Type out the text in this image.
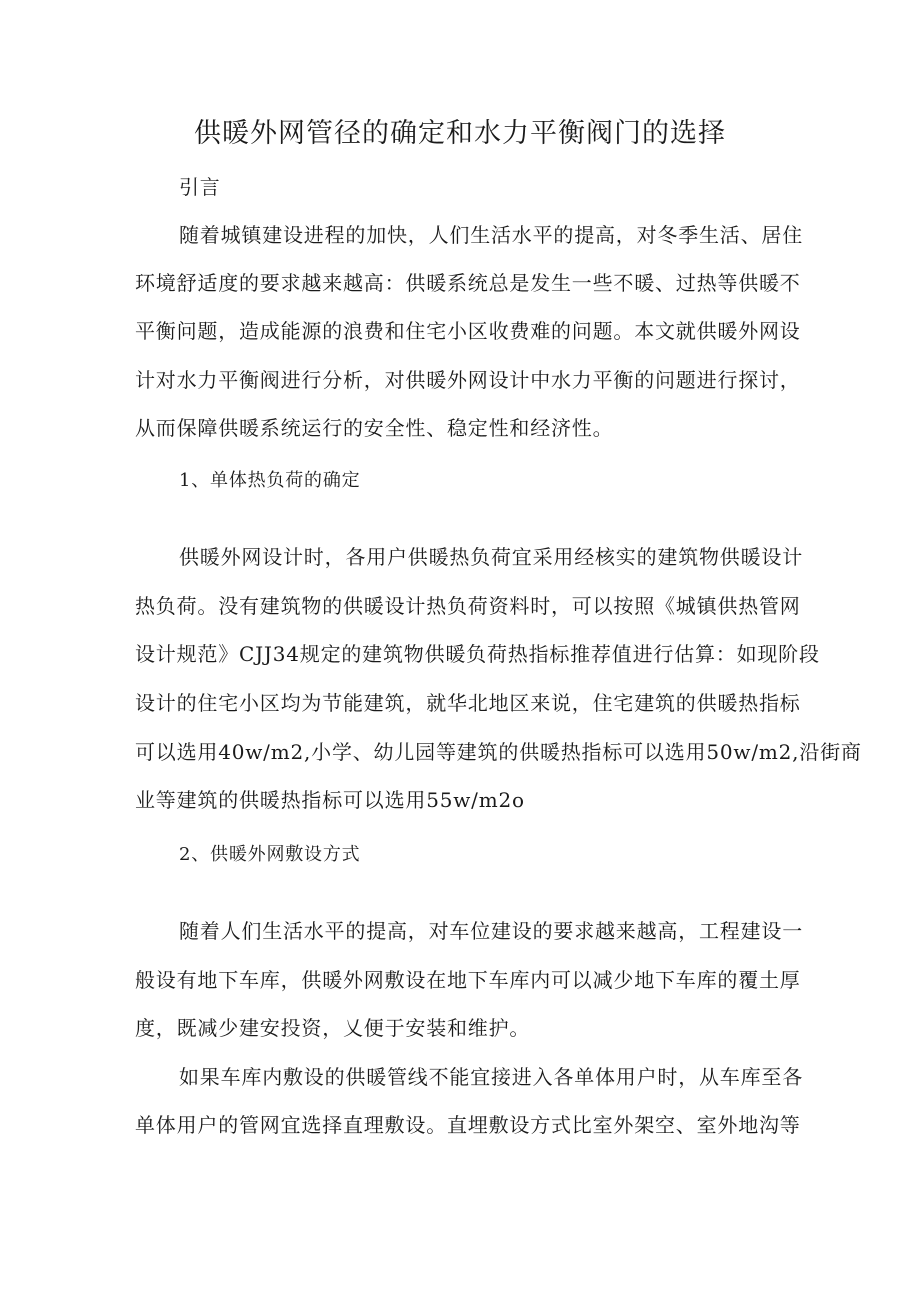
供暖外网管径的确定和水力平衡阀门的选择
引言
随着城镇建设进程的加快，人们生活水平的提高，对冬季生活、居住
环境舒适度的要求越来越高：供暖系统总是发生一些不暖、过热等供暖不
平衡问题，造成能源的浪费和住宅小区收费难的问题。本文就供暖外网设
计对水力平衡阀进行分析，对供暖外网设计中水力平衡的问题进行探讨，
从而保障供暖系统运行的安全性、稳定性和经济性。
1、单体热负荷的确定
供暖外网设计时，各用户供暖热负荷宜采用经核实的建筑物供暖设计
热负荷。没有建筑物的供暖设计热负荷资料时，可以按照《城镇供热管网
设计规范》CJJ34规定的建筑物供暖负荷热指标推荐值进行估算：如现阶段
设计的住宅小区均为节能建筑，就华北地区来说，住宅建筑的供暖热指标
可以选用40w∕m2,小学、幼儿园等建筑的供暖热指标可以选用50w∕m2,沿街商
业等建筑的供暖热指标可以选用55w∕m2o
2、供暖外网敷设方式
随着人们生活水平的提高，对车位建设的要求越来越高，工程建设一
般设有地下车库，供暖外网敷设在地下车库内可以减少地下车库的覆土厚
度，既减少建安投资，乂便于安装和维护。
如果车库内敷设的供暖管线不能宜接进入各单体用户时，从车库至各
单体用户的管网宜选择直理敷设。直埋敷设方式比室外架空、室外地沟等
